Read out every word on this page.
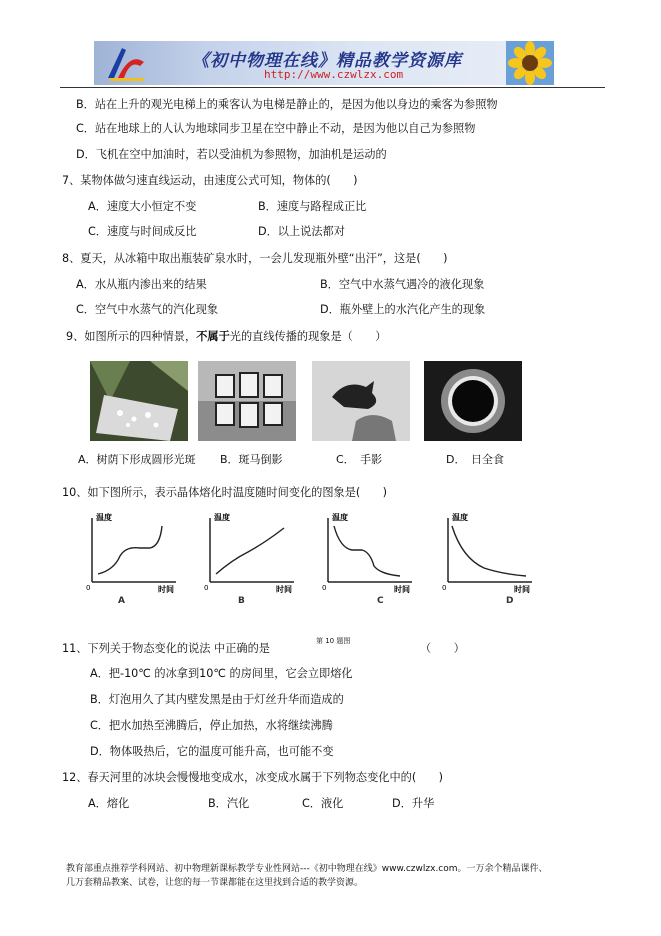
《初中物理在线》精品教学资源库
http://www.czwlzx.com
B．站在上升的观光电梯上的乘客认为电梯是静止的，是因为他以身边的乘客为参照物
C．站在地球上的人认为地球同步卫星在空中静止不动，是因为他以自己为参照物
D．飞机在空中加油时，若以受油机为参照物，加油机是运动的
7、某物体做匀速直线运动，由速度公式可知，物体的(　　)
A．速度大小恒定不变	B．速度与路程成正比
C．速度与时间成反比	D．以上说法都对
8、夏天，从冰箱中取出瓶装矿泉水时，一会儿发现瓶外壁“出汗”，这是(　　)
A．水从瓶内渗出来的结果	B．空气中水蒸气遇冷的液化现象
C．空气中水蒸气的汽化现象	D．瓶外壁上的水汽化产生的现象
9、如图所示的四种情景，不属于光的直线传播的现象是（　　）
A．树荫下形成圆形光斑 B．斑马倒影	C．　手影	D．　日全食
10、如下图所示，表示晶体熔化时温度随时间变化的图象是(　　)
温度
时间
0
温度
时间
0
温度
时间
0
温度
时间
0
A	B	C	D
第 10 题图
11、下列关于物态变化的说法 中正确的是	（　　）
A．把-10℃ 的冰拿到10℃ 的房间里，它会立即熔化
B．灯泡用久了其内壁发黑是由于灯丝升华而造成的
C．把水加热至沸腾后，停止加热，水将继续沸腾
D．物体吸热后，它的温度可能升高，也可能不变
12、春天河里的冰块会慢慢地变成水，冰变成水属于下列物态变化中的(　　)
A．熔化	B．汽化	C．液化	D．升华
教育部重点推荐学科网站、初中物理新课标教学专业性网站---《初中物理在线》www.czwlzx.com。一万余个精品课件、
几万套精品教案、试卷，让您的每一节课都能在这里找到合适的教学资源。
